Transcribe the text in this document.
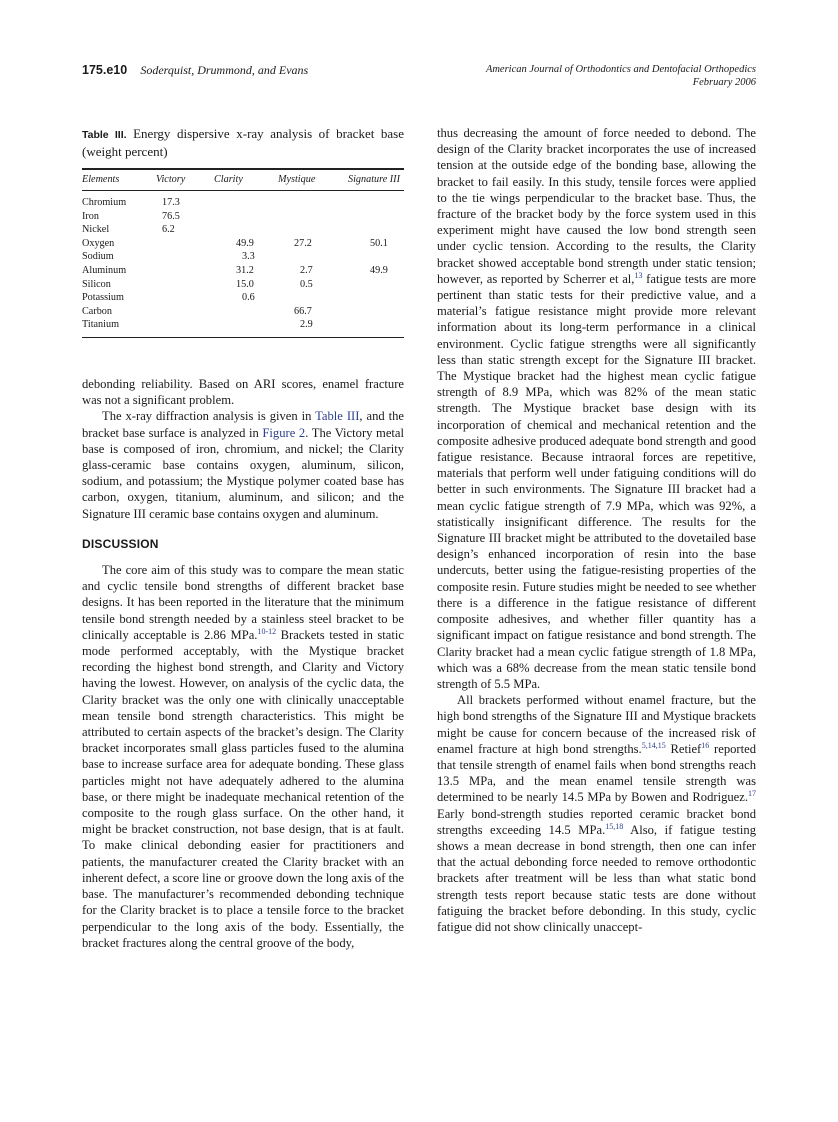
175.e10 Soderquist, Drummond, and Evans	American Journal of Orthodontics and Dentofacial Orthopedics
February 2006
Table III. Energy dispersive x-ray analysis of bracket base (weight percent)
Elements	Victory	Clarity	Mystique	Signature III
Chromium	17.3			
Iron	76.5			
Nickel	6.2			
Oxygen		49.9	27.2	50.1
Sodium		3.3		
Aluminum		31.2	2.7	49.9
Silicon		15.0	0.5	
Potassium		0.6		
Carbon			66.7	
Titanium			2.9	

debonding reliability. Based on ARI scores, enamel fracture was not a significant problem.

The x-ray diffraction analysis is given in Table III, and the bracket base surface is analyzed in Figure 2. The Victory metal base is composed of iron, chromium, and nickel; the Clarity glass-ceramic base contains oxygen, aluminum, silicon, sodium, and potassium; the Mystique polymer coated base has carbon, oxygen, titanium, aluminum, and silicon; and the Signature III ceramic base contains oxygen and aluminum.

DISCUSSION

The core aim of this study was to compare the mean static and cyclic tensile bond strengths of different bracket base designs. It has been reported in the literature that the minimum tensile bond strength needed by a stainless steel bracket to be clinically acceptable is 2.86 MPa.$^{10-12}$ Brackets tested in static mode performed acceptably, with the Mystique bracket recording the highest bond strength, and Clarity and Victory having the lowest. However, on analysis of the cyclic data, the Clarity bracket was the only one with clinically unacceptable mean tensile bond strength characteristics. This might be attributed to certain aspects of the bracket’s design. The Clarity bracket incorporates small glass particles fused to the alumina base to increase surface area for adequate bonding. These glass particles might not have adequately adhered to the alumina base, or there might be inadequate mechanical retention of the composite to the rough glass surface. On the other hand, it might be bracket construction, not base design, that is at fault. To make clinical debonding easier for practitioners and patients, the manufacturer created the Clarity bracket with an inherent defect, a score line or groove down the long axis of the base. The manufacturer’s recommended debonding technique for the Clarity bracket is to place a tensile force to the bracket perpendicular to the long axis of the body. Essentially, the bracket fractures along the central groove of the body,

thus decreasing the amount of force needed to debond. The design of the Clarity bracket incorporates the use of increased tension at the outside edge of the bonding base, allowing the bracket to fail easily. In this study, tensile forces were applied to the tie wings perpendicular to the bracket base. Thus, the fracture of the bracket body by the force system used in this experiment might have caused the low bond strength seen under cyclic tension. According to the results, the Clarity bracket showed acceptable bond strength under static tension; however, as reported by Scherrer et al,$^{13}$ fatigue tests are more pertinent than static tests for their predictive value, and a material’s fatigue resistance might provide more relevant information about its long-term performance in a clinical environment. Cyclic fatigue strengths were all significantly less than static strength except for the Signature III bracket. The Mystique bracket had the highest mean cyclic fatigue strength of 8.9 MPa, which was 82% of the mean static strength. The Mystique bracket base design with its incorporation of chemical and mechanical retention and the composite adhesive produced adequate bond strength and good fatigue resistance. Because intraoral forces are repetitive, materials that perform well under fatiguing conditions will do better in such environments. The Signature III bracket had a mean cyclic fatigue strength of 7.9 MPa, which was 92%, a statistically insignificant difference. The results for the Signature III bracket might be attributed to the dovetailed base design’s enhanced incorporation of resin into the base undercuts, better using the fatigue-resisting properties of the composite resin. Future studies might be needed to see whether there is a difference in the fatigue resistance of different composite adhesives, and whether filler quantity has a significant impact on fatigue resistance and bond strength. The Clarity bracket had a mean cyclic fatigue strength of 1.8 MPa, which was a 68% decrease from the mean static tensile bond strength of 5.5 MPa.

All brackets performed without enamel fracture, but the high bond strengths of the Signature III and Mystique brackets might be cause for concern because of the increased risk of enamel fracture at high bond strengths.$^{5,14,15}$ Retief$^{16}$ reported that tensile strength of enamel fails when bond strengths reach 13.5 MPa, and the mean enamel tensile strength was determined to be nearly 14.5 MPa by Bowen and Rodriguez.$^{17}$ Early bond-strength studies reported ceramic bracket bond strengths exceeding 14.5 MPa.$^{15,18}$ Also, if fatigue testing shows a mean decrease in bond strength, then one can infer that the actual debonding force needed to remove orthodontic brackets after treatment will be less than what static bond strength tests report because static tests are done without fatiguing the bracket before debonding. In this study, cyclic fatigue did not show clinically unaccept-
